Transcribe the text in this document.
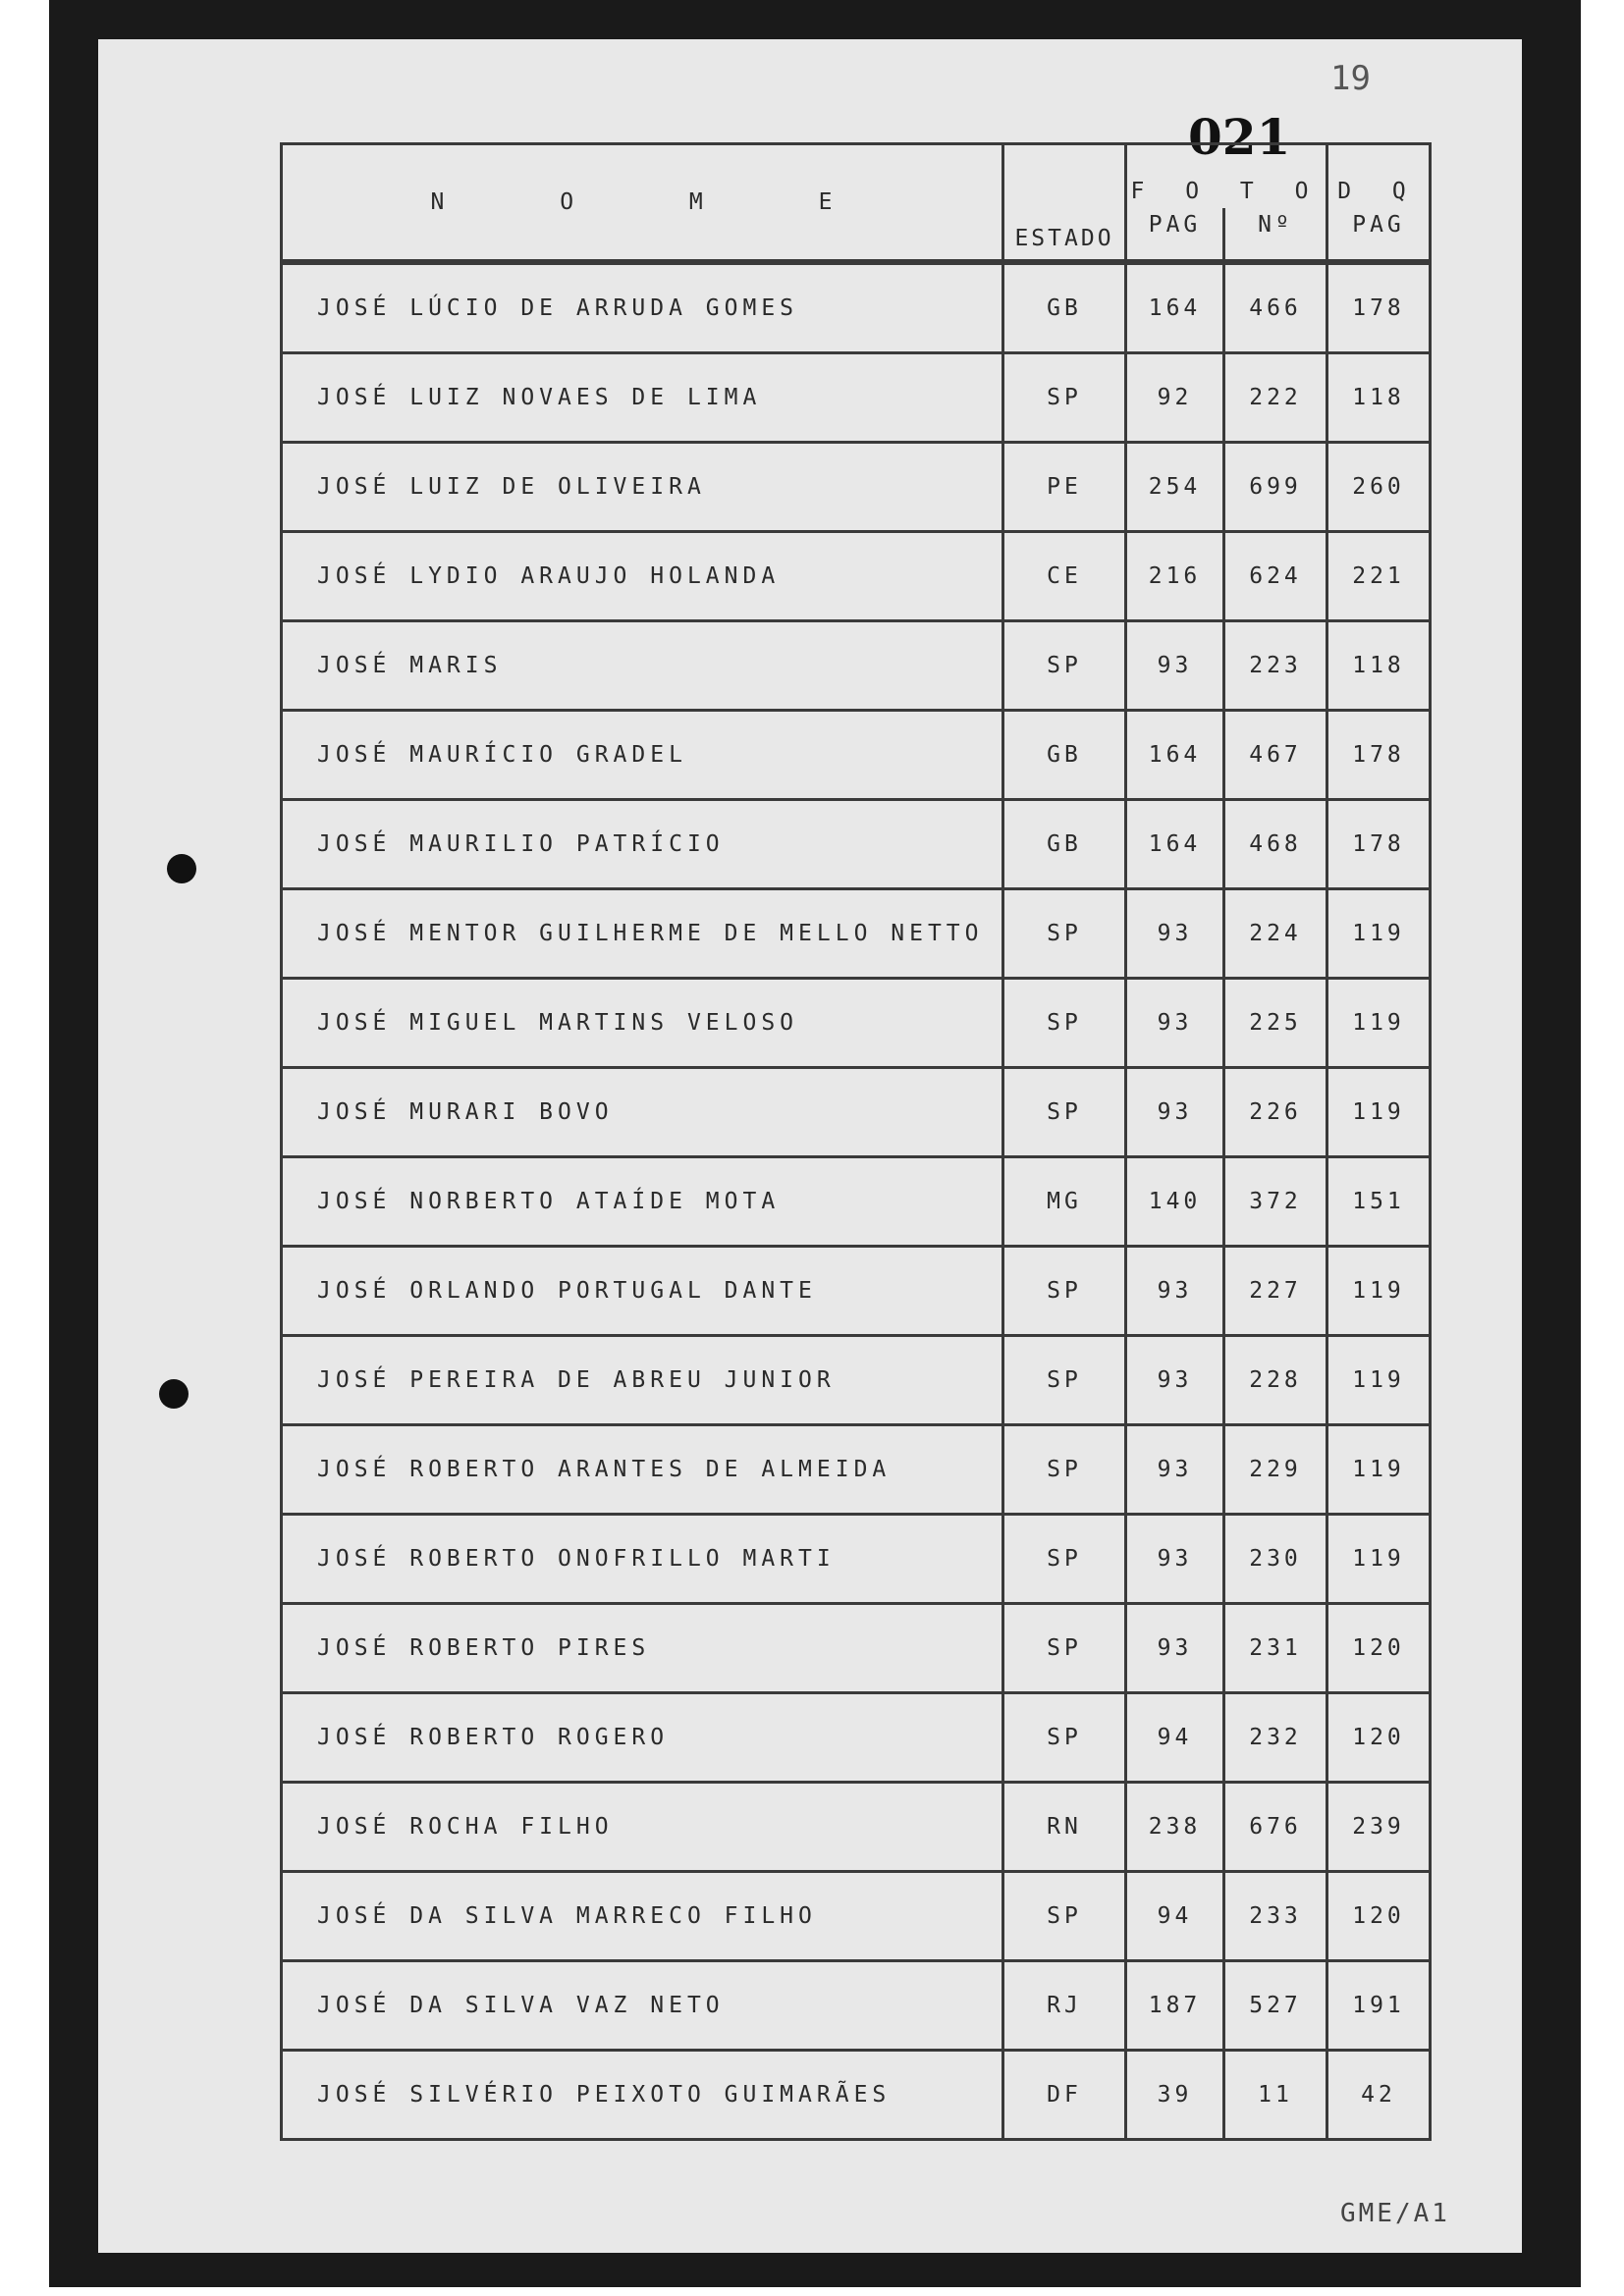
19
021
N O M E	ESTADO	F O T O		D Q
		PAG	Nº	PAG
JOSÉ LÚCIO DE ARRUDA GOMES	GB	164	466	178
JOSÉ LUIZ NOVAES DE LIMA	SP	92	222	118
JOSÉ LUIZ DE OLIVEIRA	PE	254	699	260
JOSÉ LYDIO ARAUJO HOLANDA	CE	216	624	221
JOSÉ MARIS	SP	93	223	118
JOSÉ MAURÍCIO GRADEL	GB	164	467	178
JOSÉ MAURILIO PATRÍCIO	GB	164	468	178
JOSÉ MENTOR GUILHERME DE MELLO NETTO	SP	93	224	119
JOSÉ MIGUEL MARTINS VELOSO	SP	93	225	119
JOSÉ MURARI BOVO	SP	93	226	119
JOSÉ NORBERTO ATAÍDE MOTA	MG	140	372	151
JOSÉ ORLANDO PORTUGAL DANTE	SP	93	227	119
JOSÉ PEREIRA DE ABREU JUNIOR	SP	93	228	119
JOSÉ ROBERTO ARANTES DE ALMEIDA	SP	93	229	119
JOSÉ ROBERTO ONOFRILLO MARTI	SP	93	230	119
JOSÉ ROBERTO PIRES	SP	93	231	120
JOSÉ ROBERTO ROGERO	SP	94	232	120
JOSÉ ROCHA FILHO	RN	238	676	239
JOSÉ DA SILVA MARRECO FILHO	SP	94	233	120
JOSÉ DA SILVA VAZ NETO	RJ	187	527	191
JOSÉ SILVÉRIO PEIXOTO GUIMARÃES	DF	39	11	42
GME/A1
